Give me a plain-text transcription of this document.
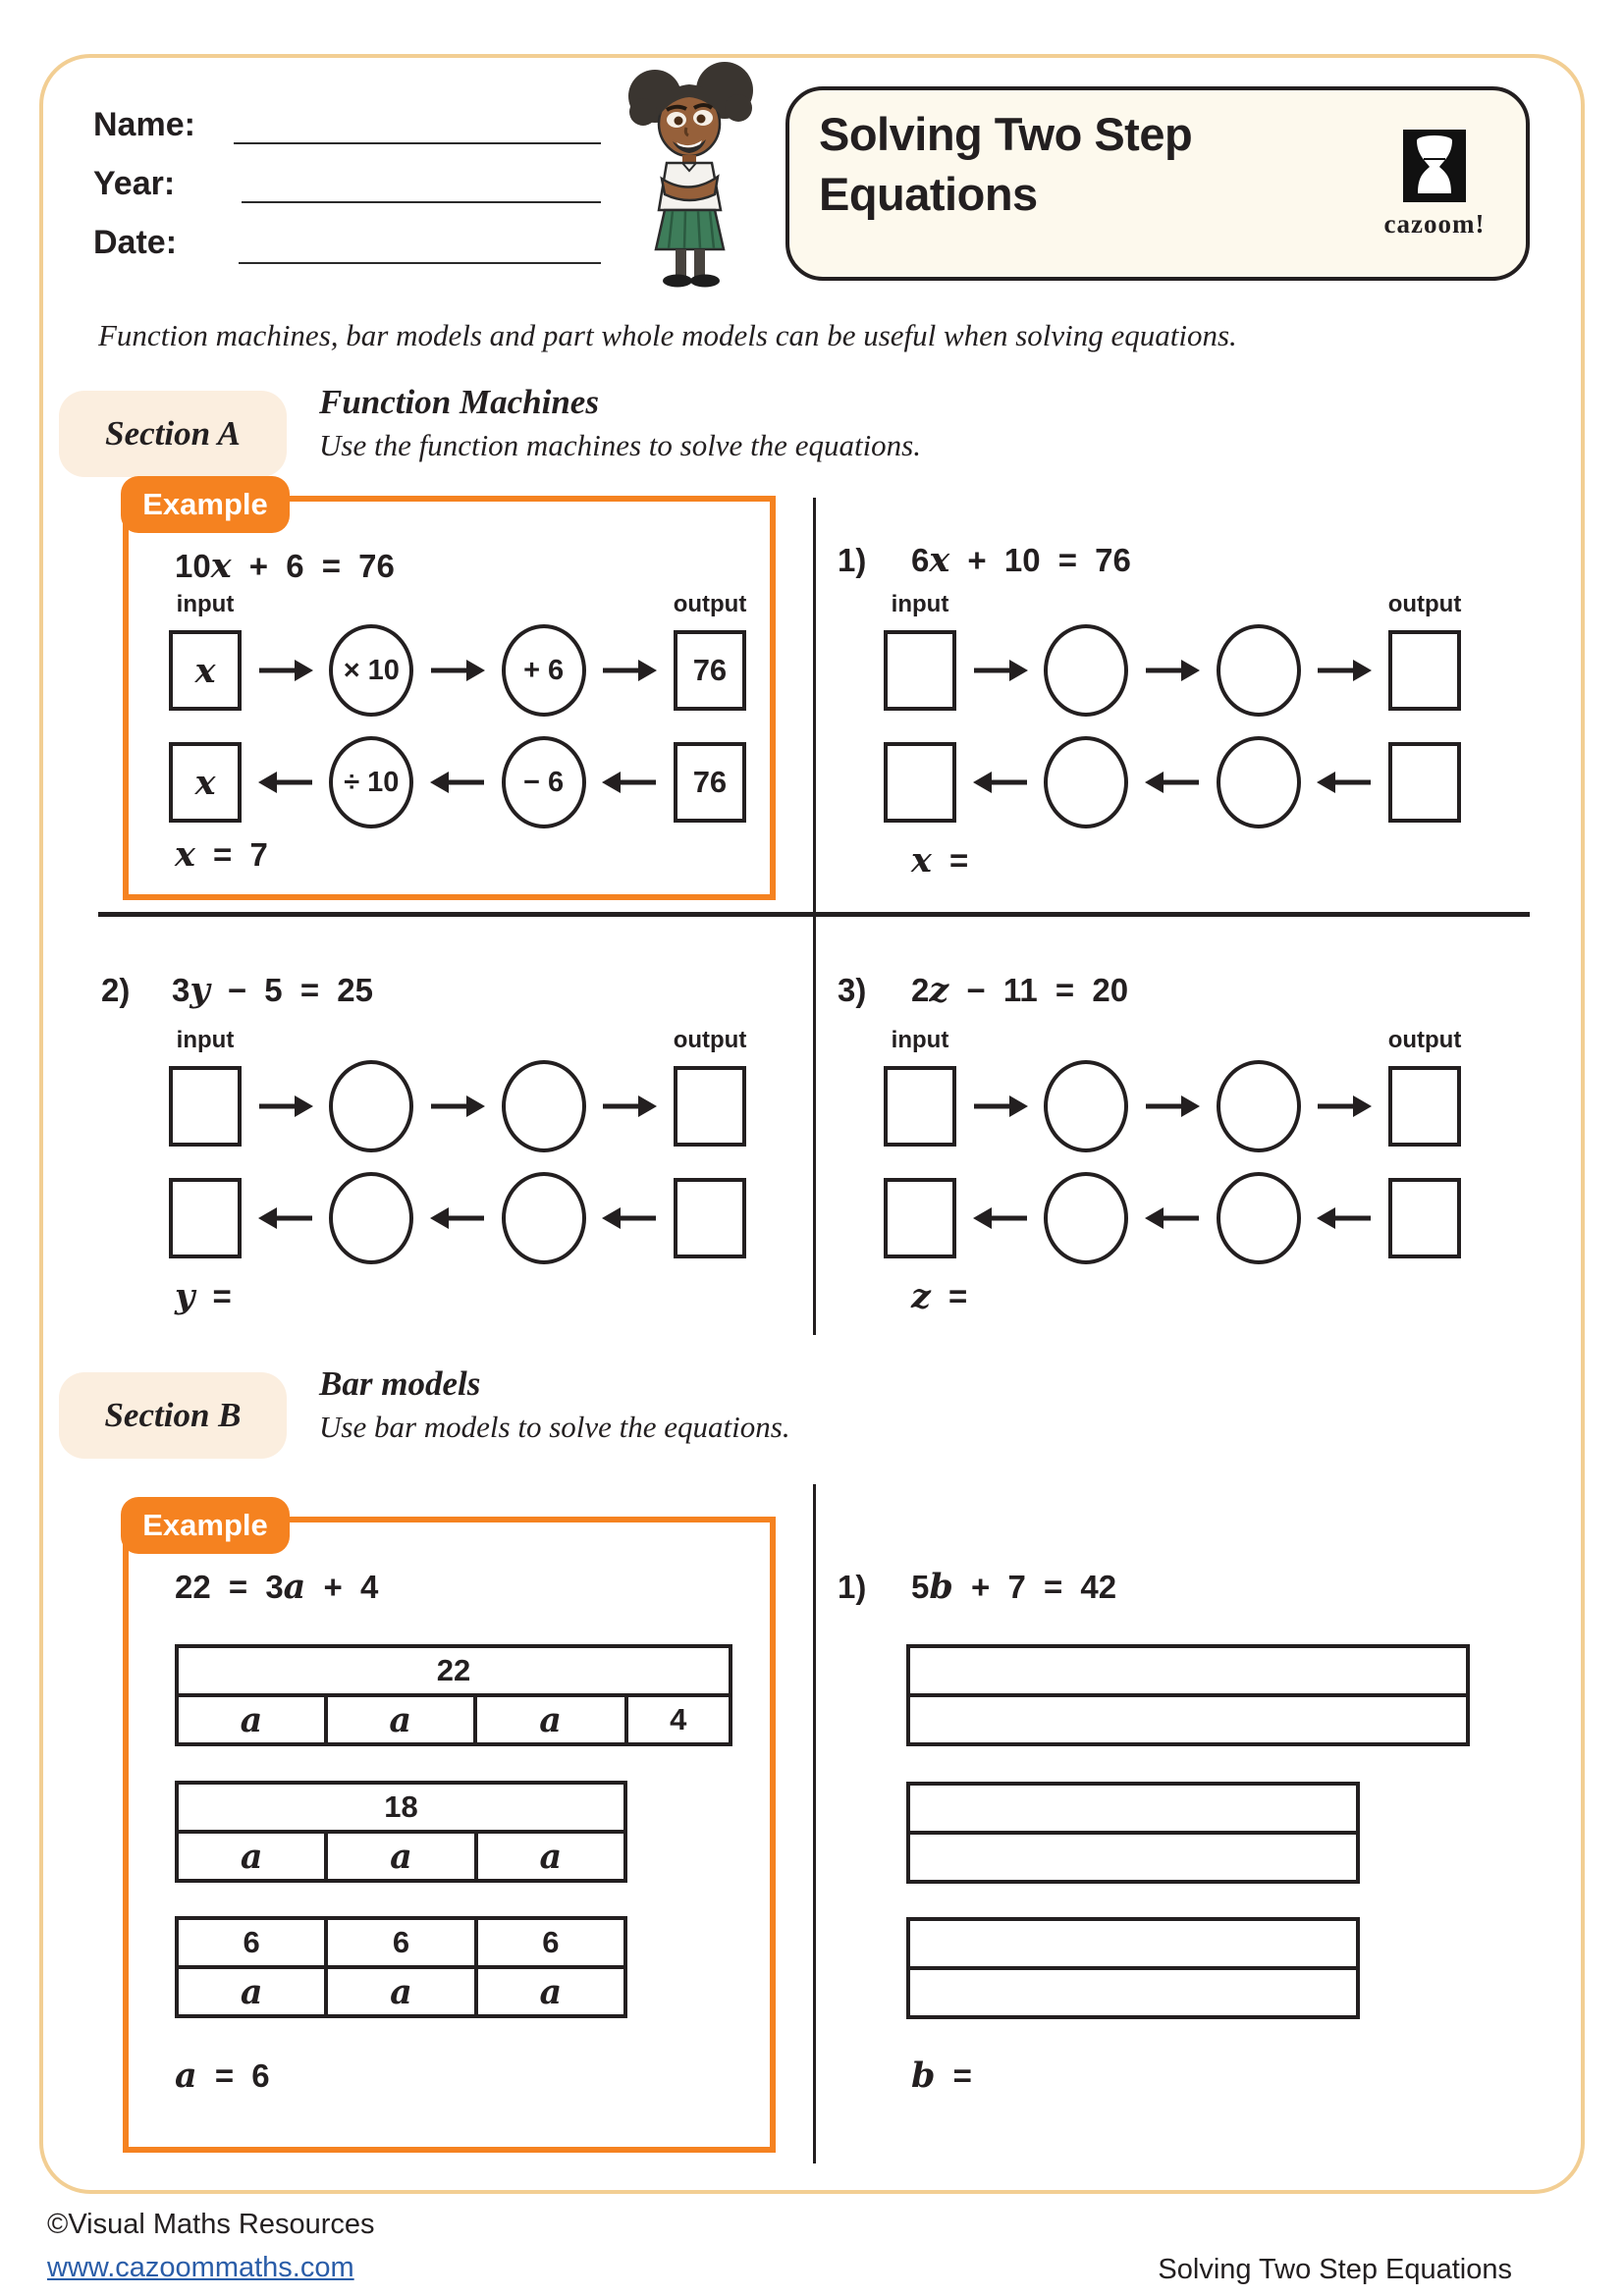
Name:
Year:
Date:
Solving Two Step
Equations
cazoom!
Function machines, bar models and part whole models can be useful when solving equations.
Section A
Function Machines
Use the function machines to solve the equations.
Example
10x + 6 = 76
input	output
x	× 10	+ 6	76
x	÷ 10	− 6	76
x = 7
1) 6x + 10 = 76
input	output
x =
2) 3y − 5 = 25
input	output
y =
3) 2z − 11 = 20
input	output
z =
Section B
Bar models
Use bar models to solve the equations.
Example
22 = 3a + 4
22
a	a	a	4
18
a	a	a
6	6	6
a	a	a
a = 6
1) 5b + 7 = 42
b =
©Visual Maths Resources
www.cazoommaths.com	Solving Two Step Equations
